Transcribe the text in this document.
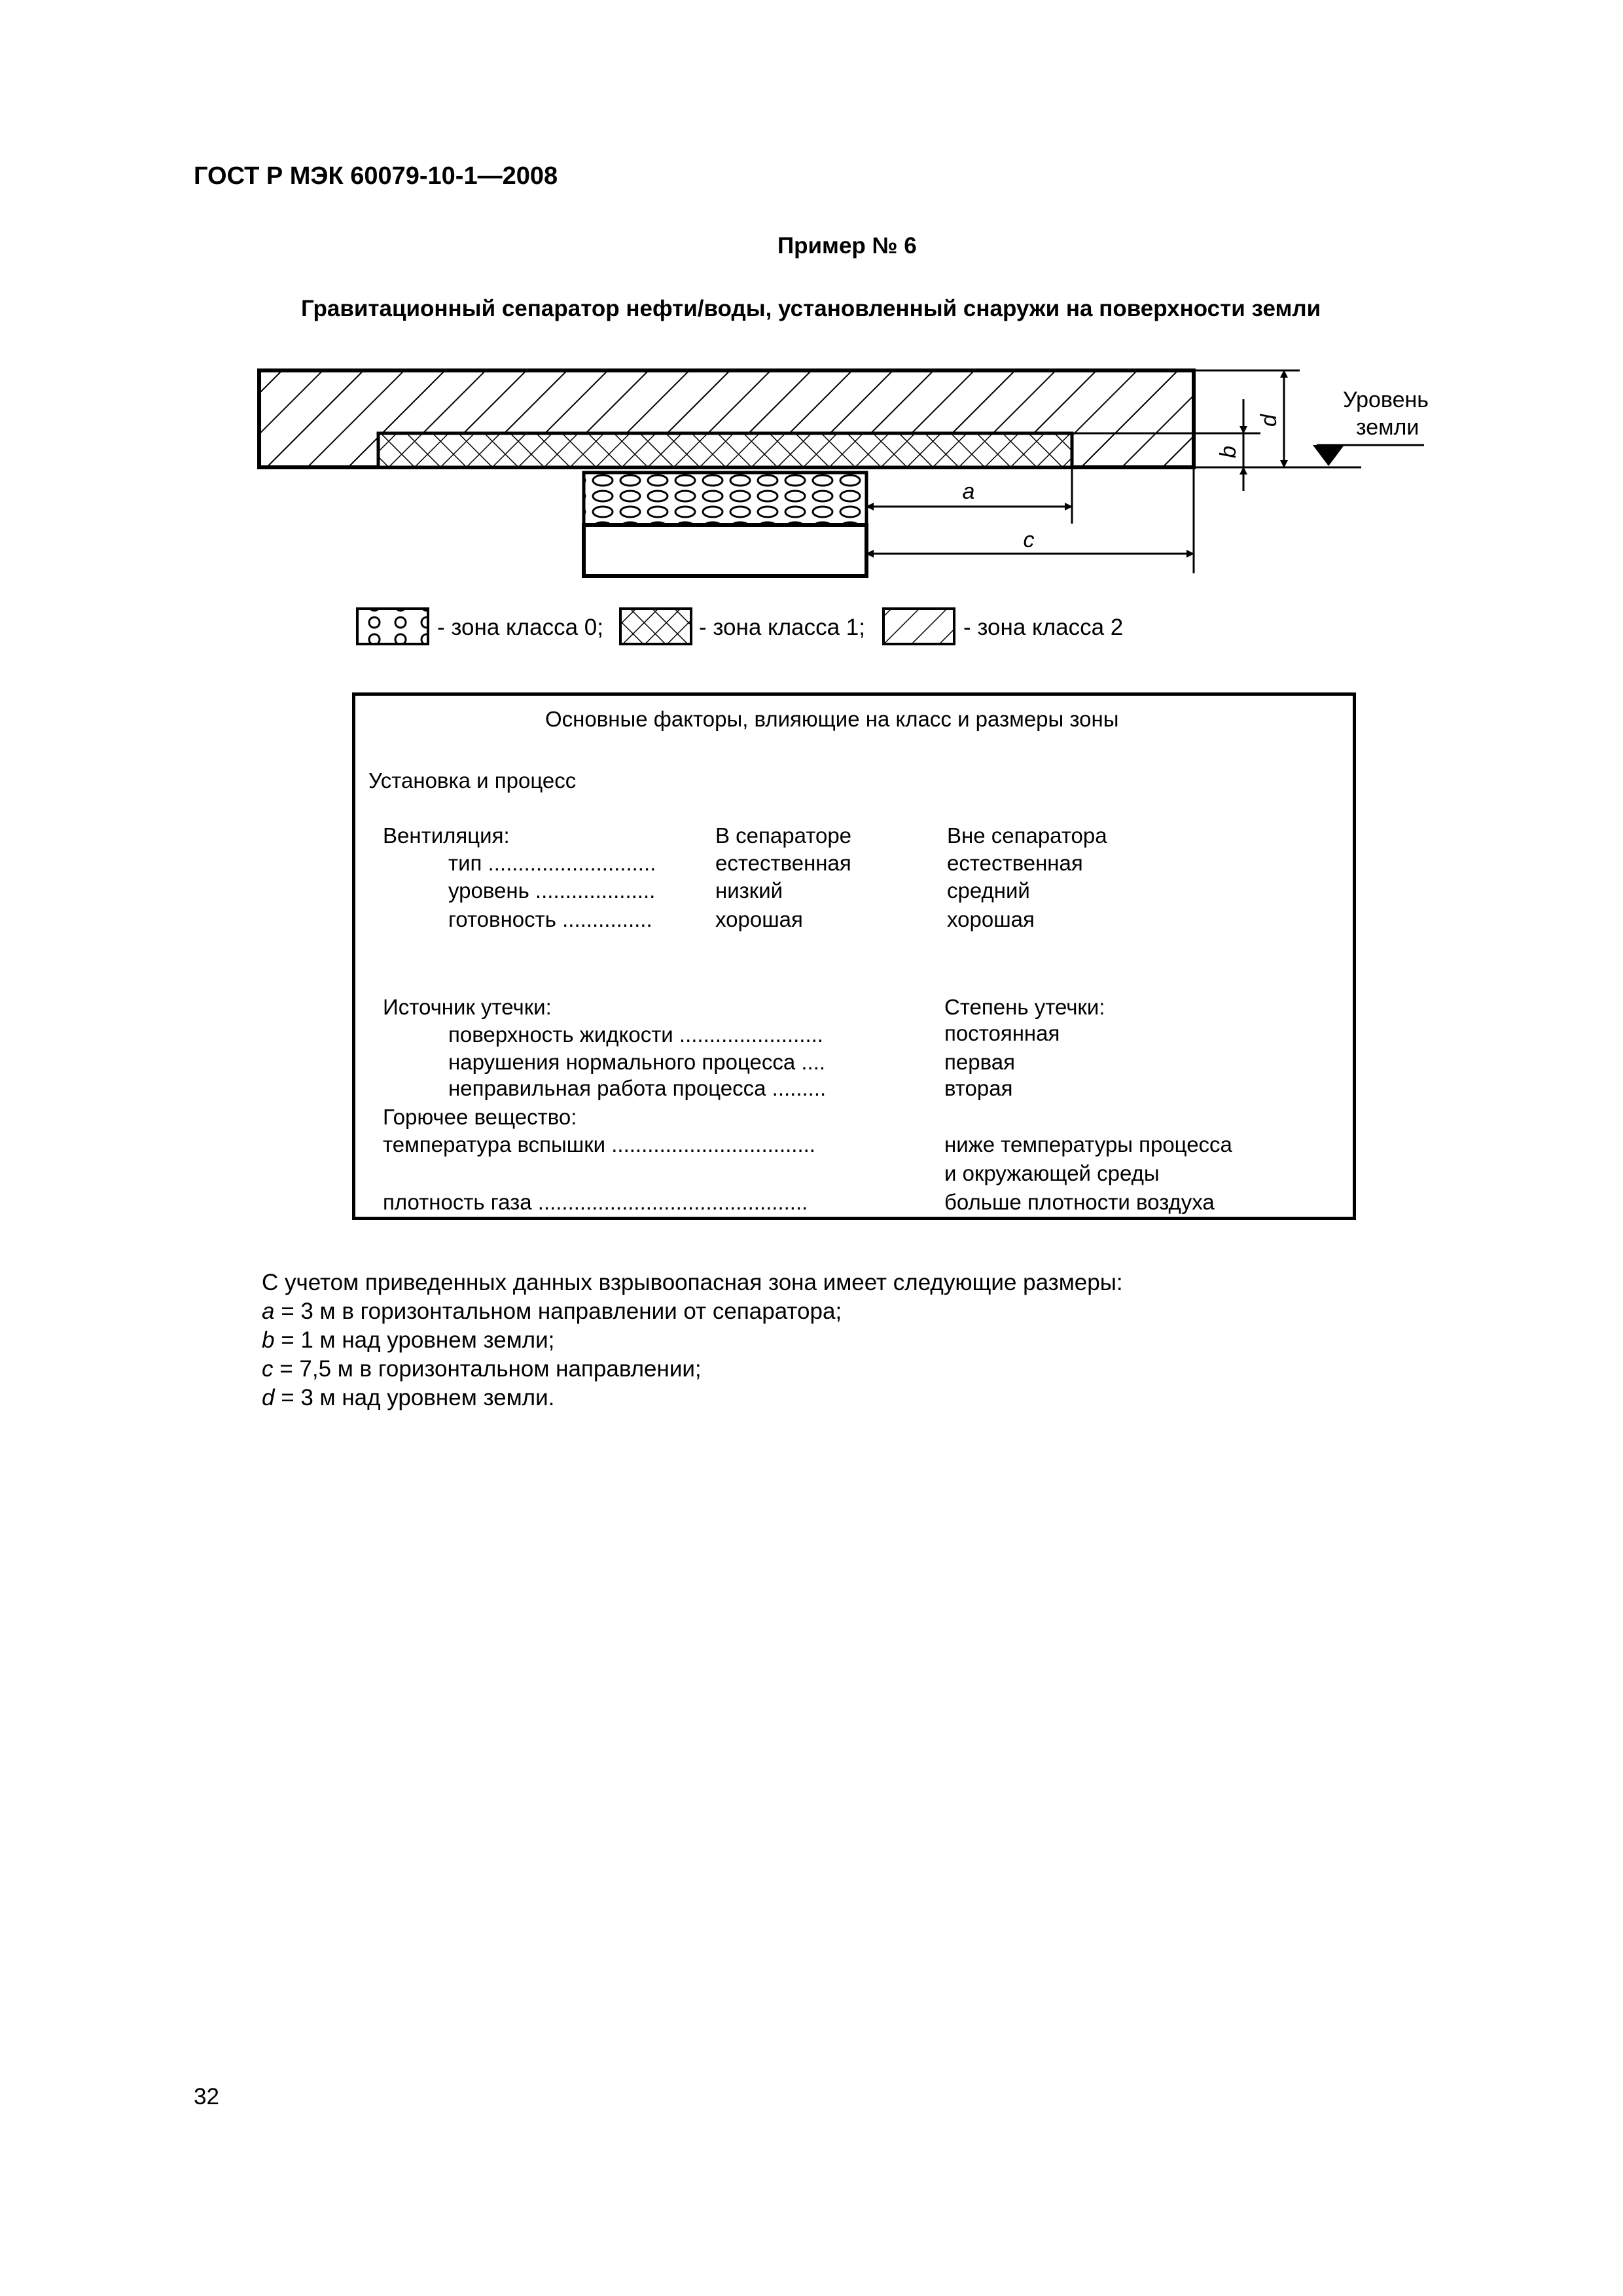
ГОСТ Р МЭК 60079-10-1—2008
Пример № 6
Гравитационный сепаратор нефти/воды, установленный снаружи на поверхности земли
a
c
b
d
Уровень
земли
- зона класса 0;	- зона класса 1;	- зона класса 2
Основные факторы, влияющие на класс и размеры зоны
Установка и процесс
Вентиляция:	В сепараторе	Вне сепаратора
тип ............................	естественная	естественная
уровень ....................	низкий	средний
готовность ...............	хорошая	хорошая
Источник утечки:	Степень утечки:
поверхность жидкости ........................	постоянная
нарушения нормального процесса ....	первая
неправильная работа процесса .........	вторая
Горючее вещество:
температура вспышки ..................................	ниже температуры процесса
и окружающей среды
плотность газа .............................................	больше плотности воздуха
С учетом приведенных данных взрывоопасная зона имеет следующие размеры:
a = 3 м в горизонтальном направлении от сепаратора;
b = 1 м над уровнем земли;
c = 7,5 м в горизонтальном направлении;
d = 3 м над уровнем земли.
32
